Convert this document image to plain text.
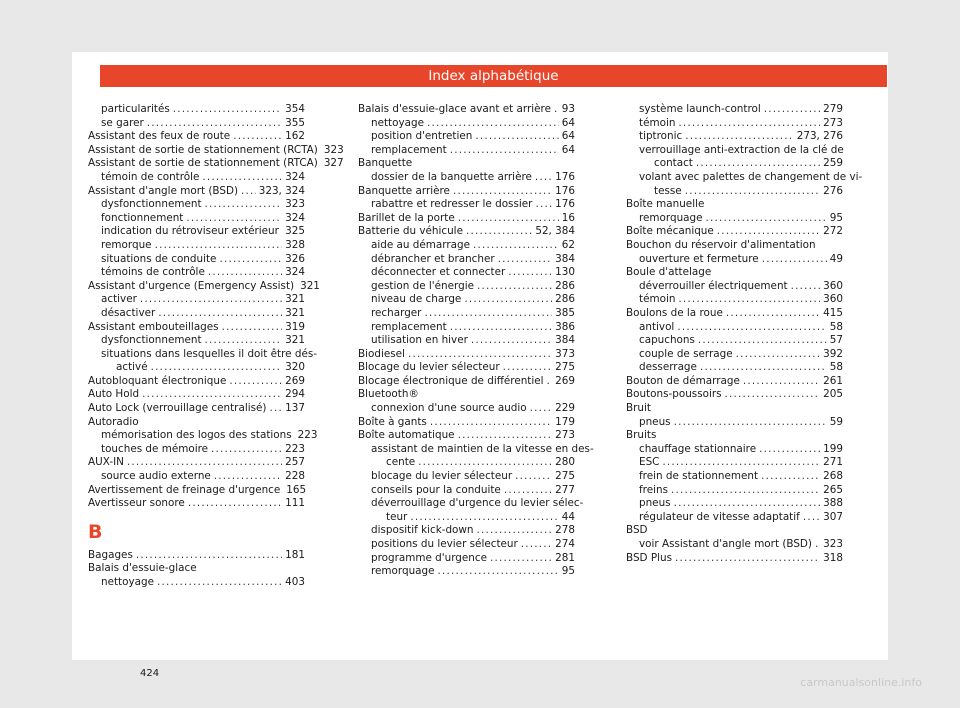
Index alphabétique
particularités .....	354
se garer .....	355
Assistant des feux de route .....	162
Assistant de sortie de stationnement (RCTA) 323
Assistant de sortie de stationnement (RTCA) 327
témoin de contrôle .....	324
Assistant d'angle mort (BSD) ..... 323, 324
dysfonctionnement .....	323
fonctionnement .....	324
indication du rétroviseur extérieur ..... 325
remorque .....	328
situations de conduite .....	326
témoins de contrôle .....	324
Assistant d'urgence (Emergency Assist) 321
activer .....	321
désactiver .....	321
Assistant embouteillages .....	319
dysfonctionnement .....	321
situations dans lesquelles il doit être dés-
activé .....	320
Autobloquant électronique .....	269
Auto Hold .....	294
Auto Lock (verrouillage centralisé) ..... 137
Autoradio
mémorisation des logos des stations 223
touches de mémoire .....	223
AUX-IN .....	257
source audio externe .....	228
Avertissement de freinage d'urgence 165
Avertisseur sonore .....	111
B
Bagages .....	181
Balais d'essuie-glace
nettoyage .....	403
Balais d'essuie-glace avant et arrière ..... 93
nettoyage .....	64
position d'entretien .....	64
remplacement .....	64
Banquette
dossier de la banquette arrière ..... 176
Banquette arrière .....	176
rabattre et redresser le dossier ..... 176
Barillet de la porte .....	16
Batterie du véhicule .....	52, 384
aide au démarrage .....	62
débrancher et brancher .....	384
déconnecter et connecter .....	130
gestion de l'énergie .....	286
niveau de charge .....	286
recharger .....	385
remplacement .....	386
utilisation en hiver .....	384
Biodiesel .....	373
Blocage du levier sélecteur .....	275
Blocage électronique de différentiel ..... 269
Bluetooth®
connexion d'une source audio .....	229
Boîte à gants .....	179
Boîte automatique .....	273
assistant de maintien de la vitesse en des-
cente .....	280
blocage du levier sélecteur .....	275
conseils pour la conduite .....	277
déverrouillage d'urgence du levier sélec-
teur .....	44
dispositif kick-down .....	278
positions du levier sélecteur .....	274
programme d'urgence .....	281
remorquage .....	95
système launch-control .....	279
témoin .....	273
tiptronic .....	273, 276
verrouillage anti-extraction de la clé de
contact .....	259
volant avec palettes de changement de vi-
tesse .....	276
Boîte manuelle
remorquage .....	95
Boîte mécanique .....	272
Bouchon du réservoir d'alimentation
ouverture et fermeture .....	49
Boule d'attelage
déverrouiller électriquement .....	360
témoin .....	360
Boulons de la roue .....	415
antivol .....	58
capuchons .....	57
couple de serrage .....	392
desserrage .....	58
Bouton de démarrage .....	261
Boutons-poussoirs .....	205
Bruit
pneus .....	59
Bruits
chauffage stationnaire .....	199
ESC .....	271
frein de stationnement .....	268
freins .....	265
pneus .....	388
régulateur de vitesse adaptatif ..... 307
BSD
voir Assistant d'angle mort (BSD) ..... 323
BSD Plus .....	318
424
carmanualsonline.info
